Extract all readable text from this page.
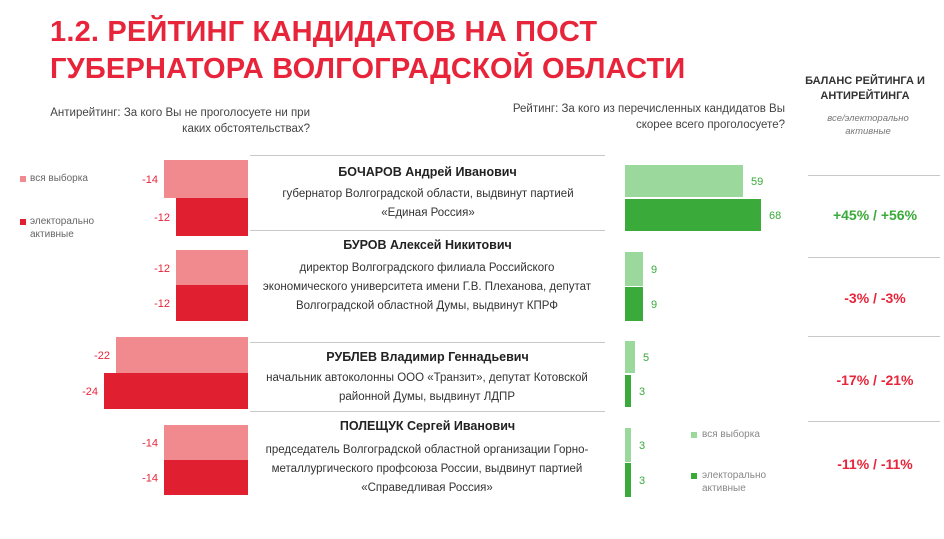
1.2. РЕЙТИНГ КАНДИДАТОВ НА ПОСТ ГУБЕРНАТОРА ВОЛГОГРАДСКОЙ ОБЛАСТИ	БАЛАНС РЕЙТИНГА И АНТИРЕЙТИНГА
все/электорально активные
Антирейтинг: За кого Вы не проголосуете ни при каких обстоятельствах?
Рейтинг: За кого из перечисленных кандидатов Вы скорее всего проголосуете?
вся выборка
электорально активные
вся выборка
электорально активные
БОЧАРОВ Андрей Иванович
губернатор Волгоградской области, выдвинут партией «Единая Россия»
БУРОВ Алексей Никитович
директор Волгоградского филиала Российского экономического университета имени Г.В. Плеханова, депутат Волгоградской областной Думы, выдвинут КПРФ
РУБЛЕВ Владимир Геннадьевич
начальник автоколонны ООО «Транзит», депутат Котовской районной Думы, выдвинут ЛДПР
ПОЛЕЩУК Сергей Иванович
председатель Волгоградской областной организации Горно-металлургического профсоюза России, выдвинут партией «Справедливая Россия»
+45% / +56%
-3% / -3%
-17% / -21%
-11% / -11%
-14
-12
59
68
-12
-12
9
9
-22
-24
5
3
-14
-14
3
3
